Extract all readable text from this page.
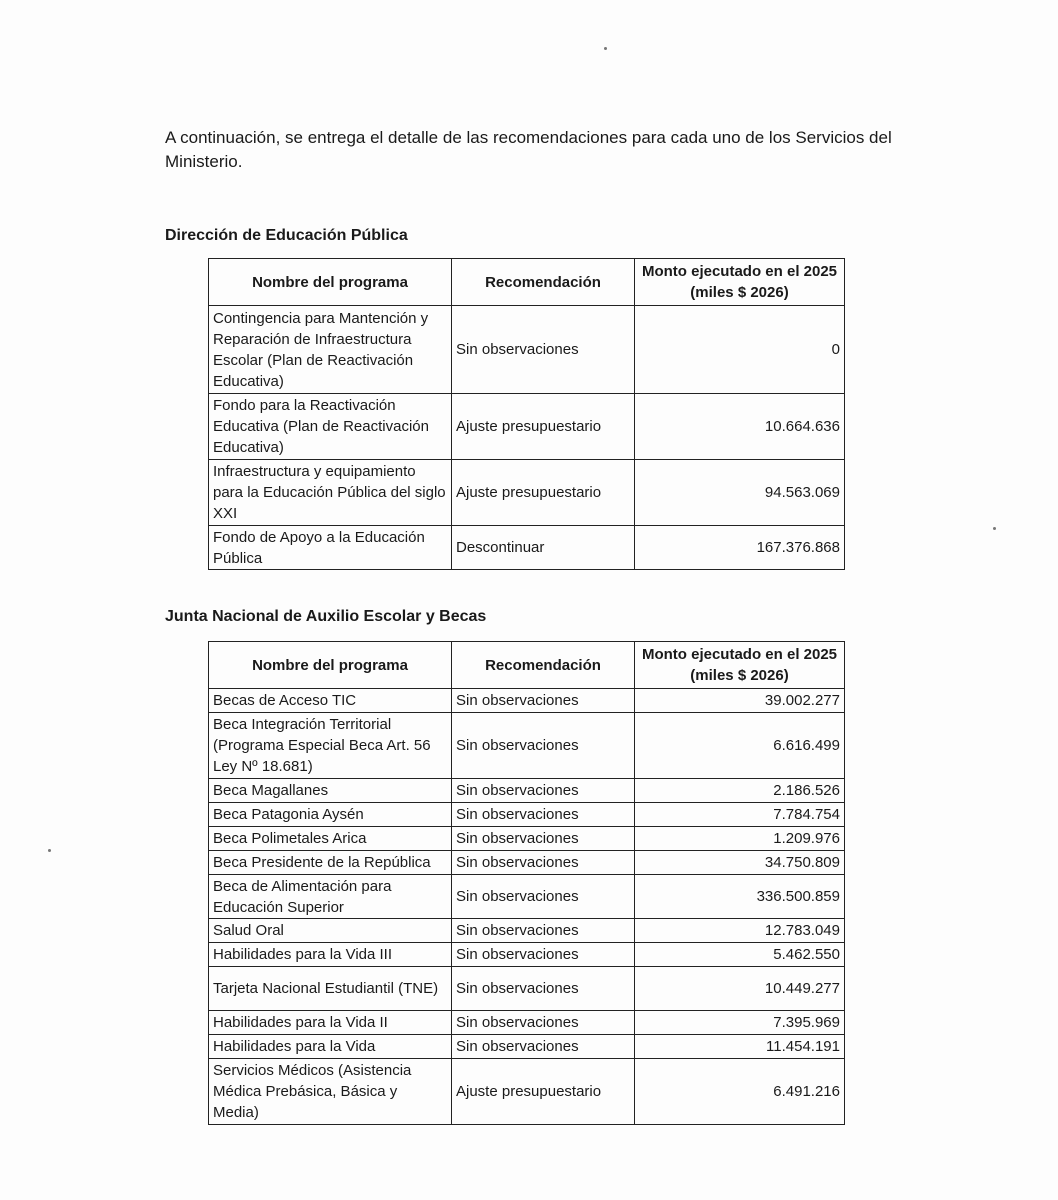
A continuación, se entrega el detalle de las recomendaciones para cada uno de los Servicios del Ministerio.

Dirección de Educación Pública
Nombre del programa	Recomendación	Monto ejecutado en el 2025 (miles $ 2026)
Contingencia para Mantención y Reparación de Infraestructura Escolar (Plan de Reactivación Educativa)	Sin observaciones	0
Fondo para la Reactivación Educativa (Plan de Reactivación Educativa)	Ajuste presupuestario	10.664.636
Infraestructura y equipamiento para la Educación Pública del siglo XXI	Ajuste presupuestario	94.563.069
Fondo de Apoyo a la Educación Pública	Descontinuar	167.376.868
Junta Nacional de Auxilio Escolar y Becas
Nombre del programa	Recomendación	Monto ejecutado en el 2025 (miles $ 2026)
Becas de Acceso TIC	Sin observaciones	39.002.277
Beca Integración Territorial (Programa Especial Beca Art. 56 Ley Nº 18.681)	Sin observaciones	6.616.499
Beca Magallanes	Sin observaciones	2.186.526
Beca Patagonia Aysén	Sin observaciones	7.784.754
Beca Polimetales Arica	Sin observaciones	1.209.976
Beca Presidente de la República	Sin observaciones	34.750.809
Beca de Alimentación para Educación Superior	Sin observaciones	336.500.859
Salud Oral	Sin observaciones	12.783.049
Habilidades para la Vida III	Sin observaciones	5.462.550
Tarjeta Nacional Estudiantil (TNE)	Sin observaciones	10.449.277
Habilidades para la Vida II	Sin observaciones	7.395.969
Habilidades para la Vida	Sin observaciones	11.454.191
Servicios Médicos (Asistencia Médica Prebásica, Básica y Media)	Ajuste presupuestario	6.491.216
